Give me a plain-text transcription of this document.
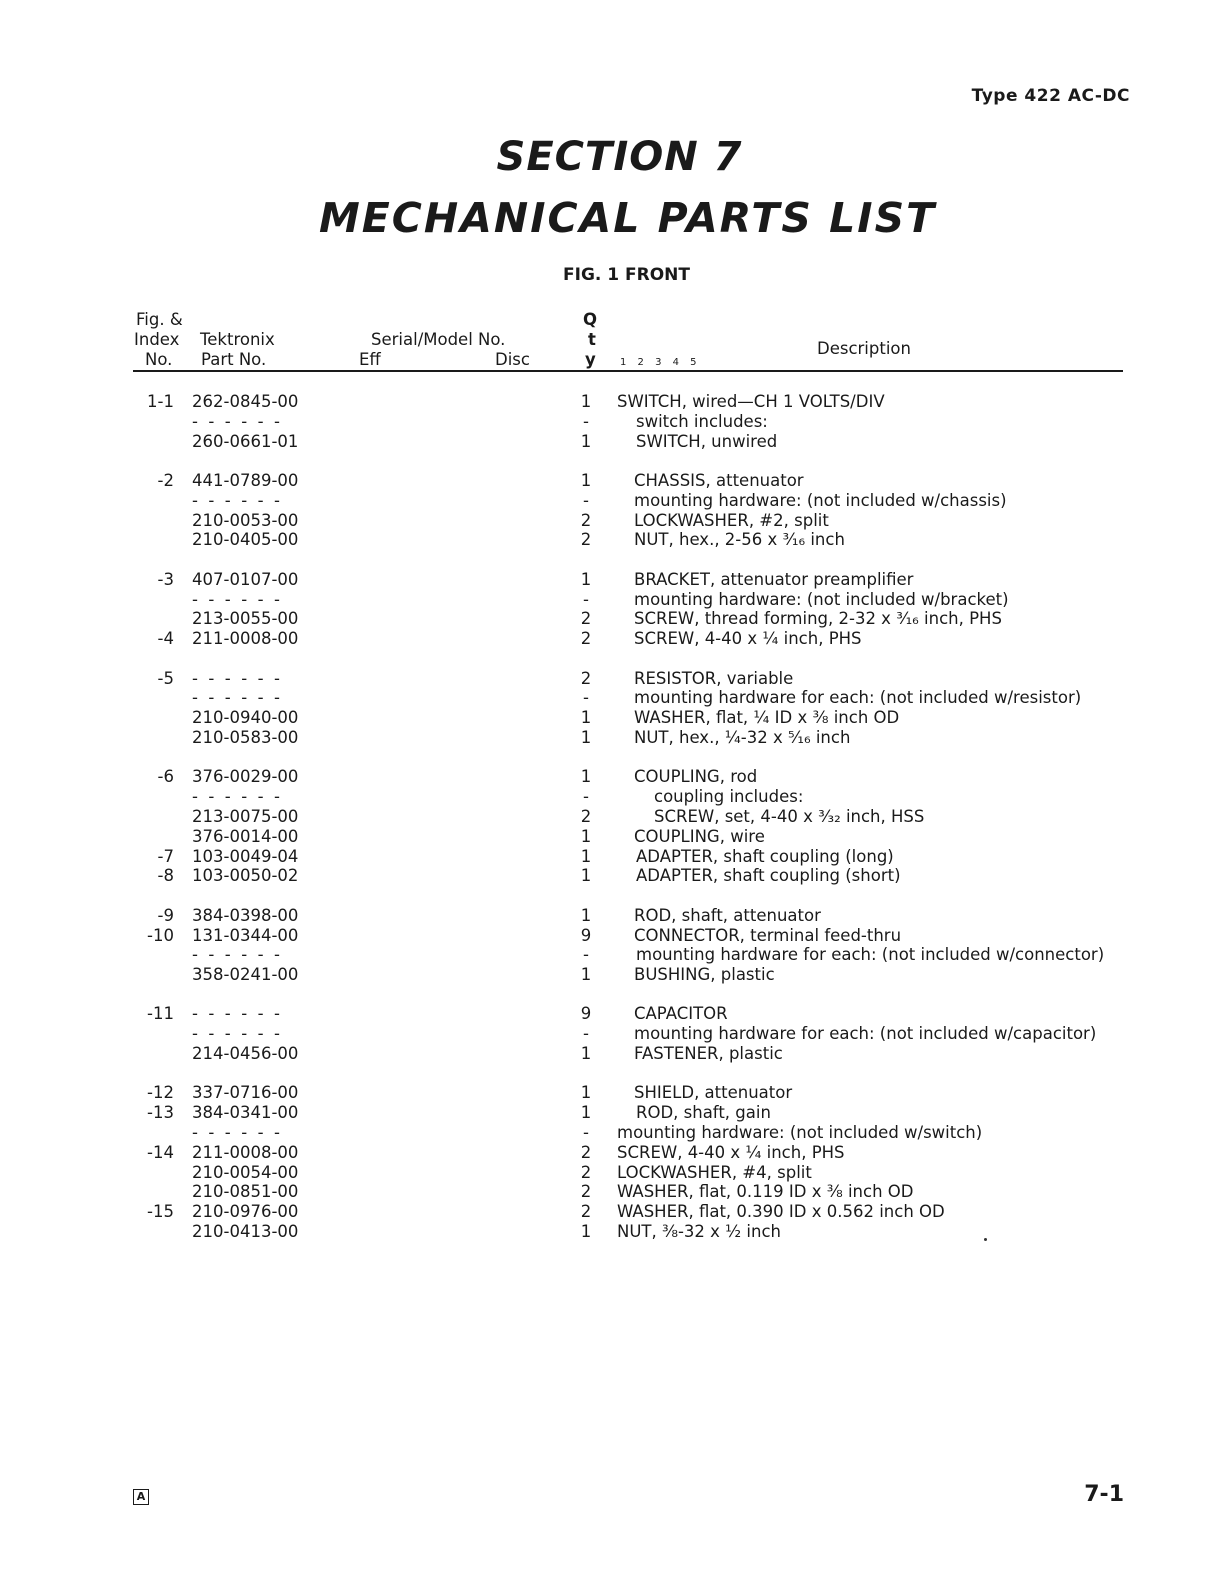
Type 422 AC-DC
SECTION 7
MECHANICAL PARTS LIST
FIG. 1 FRONT
Fig. &
Index
No.
Tektronix
Part No.
Serial/Model No.
Eff	Disc
Q
t
y 1 2 3 4 5
Description
1-1 262-0845-00	1 SWITCH, wired—CH 1 VOLTS/DIV
- - - - - -	-	switch includes:
260-0661-01	1	SWITCH, unwired
-2 441-0789-00	1	CHASSIS, attenuator
- - - - - -	-	mounting hardware: (not included w/chassis)
210-0053-00	2	LOCKWASHER, #2, split
210-0405-00	2	NUT, hex., 2-56 x ³⁄₁₆ inch
-3 407-0107-00	1	BRACKET, attenuator preamplifier
- - - - - -	-	mounting hardware: (not included w/bracket)
213-0055-00	2	SCREW, thread forming, 2-32 x ³⁄₁₆ inch, PHS
-4 211-0008-00	2	SCREW, 4-40 x ¼ inch, PHS
-5 - - - - - -	2	RESISTOR, variable
- - - - - -	-	mounting hardware for each: (not included w/resistor)
210-0940-00	1	WASHER, flat, ¼ ID x ⅜ inch OD
210-0583-00	1	NUT, hex., ¼-32 x ⁵⁄₁₆ inch
-6 376-0029-00	1	COUPLING, rod
- - - - - -	-	coupling includes:
213-0075-00	2	SCREW, set, 4-40 x ³⁄₃₂ inch, HSS
376-0014-00	1	COUPLING, wire
-7 103-0049-04	1	ADAPTER, shaft coupling (long)
-8 103-0050-02	1	ADAPTER, shaft coupling (short)
-9 384-0398-00	1	ROD, shaft, attenuator
-10 131-0344-00	9	CONNECTOR, terminal feed-thru
- - - - - -	-	mounting hardware for each: (not included w/connector)
358-0241-00	1	BUSHING, plastic
-11 - - - - - -	9	CAPACITOR
- - - - - -	-	mounting hardware for each: (not included w/capacitor)
214-0456-00	1	FASTENER, plastic
-12 337-0716-00	1	SHIELD, attenuator
-13 384-0341-00	1	ROD, shaft, gain
- - - - - -	-	mounting hardware: (not included w/switch)
-14 211-0008-00	2 SCREW, 4-40 x ¼ inch, PHS
210-0054-00	2 LOCKWASHER, #4, split
210-0851-00	2 WASHER, flat, 0.119 ID x ⅜ inch OD
-15 210-0976-00	2 WASHER, flat, 0.390 ID x 0.562 inch OD
210-0413-00	1 NUT, ⅜-32 x ½ inch
A	7-1
